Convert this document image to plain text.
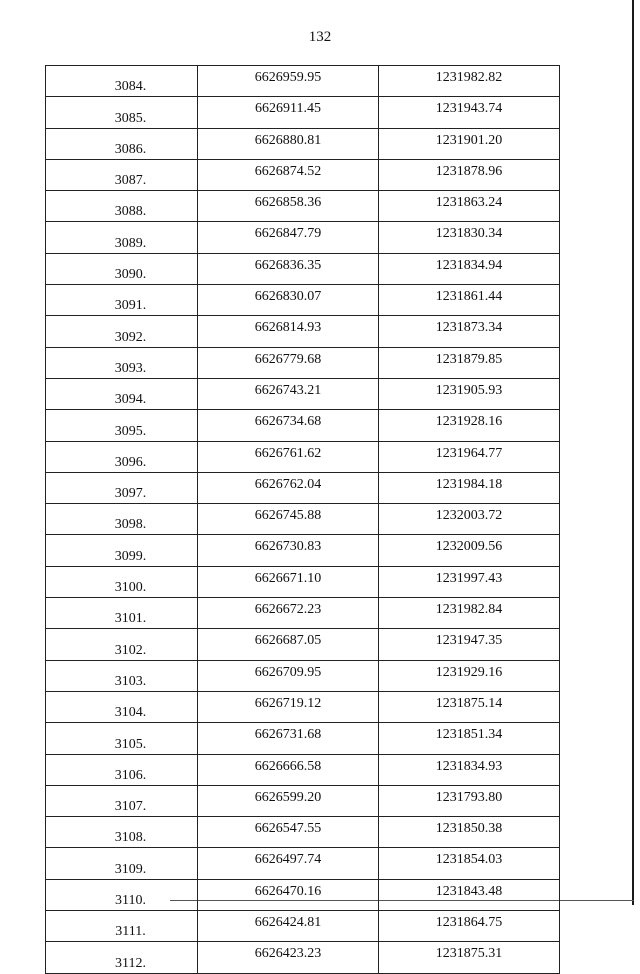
132
3084.	6626959.95	1231982.82
3085.	6626911.45	1231943.74
3086.	6626880.81	1231901.20
3087.	6626874.52	1231878.96
3088.	6626858.36	1231863.24
3089.	6626847.79	1231830.34
3090.	6626836.35	1231834.94
3091.	6626830.07	1231861.44
3092.	6626814.93	1231873.34
3093.	6626779.68	1231879.85
3094.	6626743.21	1231905.93
3095.	6626734.68	1231928.16
3096.	6626761.62	1231964.77
3097.	6626762.04	1231984.18
3098.	6626745.88	1232003.72
3099.	6626730.83	1232009.56
3100.	6626671.10	1231997.43
3101.	6626672.23	1231982.84
3102.	6626687.05	1231947.35
3103.	6626709.95	1231929.16
3104.	6626719.12	1231875.14
3105.	6626731.68	1231851.34
3106.	6626666.58	1231834.93
3107.	6626599.20	1231793.80
3108.	6626547.55	1231850.38
3109.	6626497.74	1231854.03
3110.	6626470.16	1231843.48
3111.	6626424.81	1231864.75
3112.	6626423.23	1231875.31
